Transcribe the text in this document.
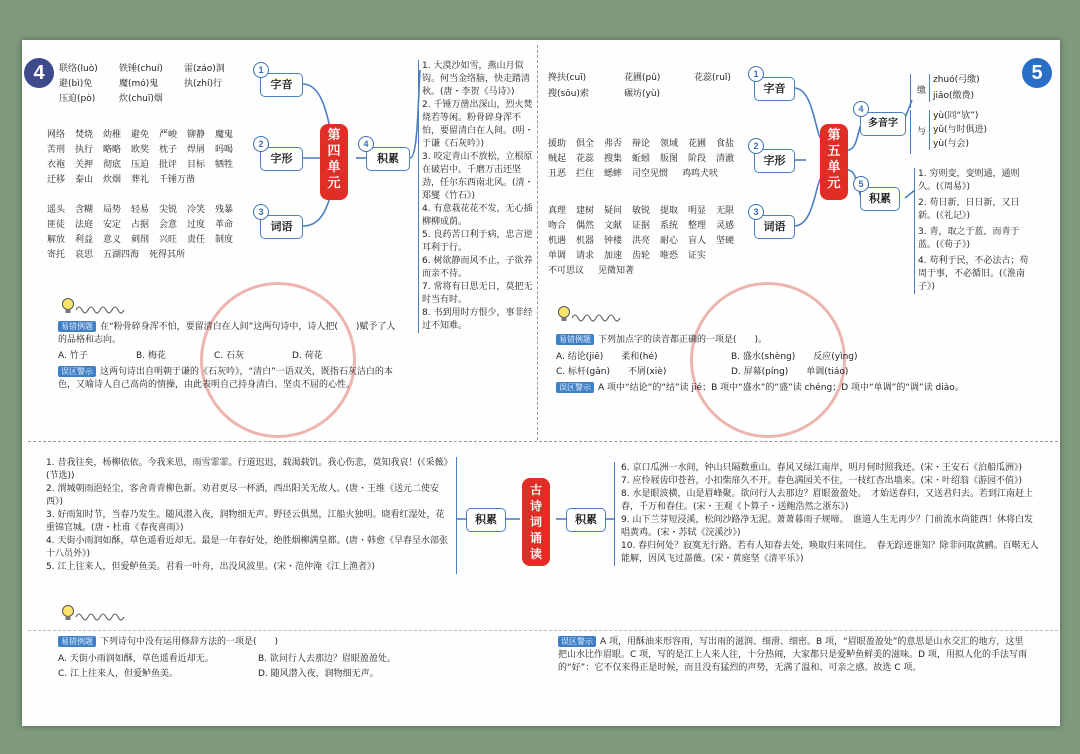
4	5
联络(luò) 铁锤(chuí) 雷(záo)洞
避(bì)免	魔(mó)鬼	执(zhí)行
压迫(pò)	炊(chuī)烟
网络 焚烧 幼稚 避免 严峻 铆静 魔鬼
苦刑 执行 略略 欧奖 枕子 焊屑 吗喝
衣袍 关押 彻底 压迫 批评 目标 牺牲
迁移 泰山 炊烟 葬礼 千锤万凿
遥头 含糊 局势 轻易 尖锐 冷笑 残暴
匪徒 法庭 安定 占据 会意 过度 革命
解放 利益 意义 刺削 兴旺 责任 制度
寄托 哀思 五湖四海 死得其所
字音
1
字形
2
词语
3
第四单元
积累
4
1. 大漠沙如雪，燕山月似钩。何当金络脑，快走踏清秋。(唐・李贺《马诗》)
2. 千锤万凿出深山，烈火焚烧若等闲。粉骨碎身浑不怕，要留清白在人间。(明・于谦《石灰吟》)
3. 咬定青山不放松，立根原在破岩中。千磨万击还坚劲，任尔东西南北风。(清・郑燮《竹石》)
4. 有意栽花花不发，无心插柳柳成荫。
5. 良药苦口利于病，忠言逆耳利于行。
6. 树欲静而风不止，子欲养而亲不待。
7. 常将有日思无日，莫把无时当有时。
8. 书到用时方恨少，事非经过不知难。
易错例题 在“粉骨碎身浑不怕，要留清白在人间”这两句诗中，诗人把(　　)赋予了人的品格和志向。
A. 竹子	B. 梅花	C. 石灰	D. 荷花
误区警示 这两句诗出自明朝于谦的《石灰吟》，“清白”一语双关，既指石灰洁白的本色，又喻诗人自己高尚的情操，由此表明自己持身清白、坚贞不屈的心性。
搀扶(cuī)	花圃(pǔ)	花蕊(ruǐ)
搜(sōu)索	碾坊(yù)
援助 俱全 弗否 辩论 领域 花圃 食盐
贼起 花蕊 搜集 蚯蚓 版图 阶段 清澈
丑恶 拦住 蟋蟀 司空见惯 鸡鸣犬吠
真理 建树 疑问 敏锐 提取 明显 无限
吻合 偶然 文献 证据 系统 整理 灵感
机遇 机器 钟楼 洪亮 耐心 盲人 坚硬
单调 请求 加速 齿轮 唯恐 证实
不可思议 见微知著
字音
1
字形
2
词语
3
第五单元
多音字
4
积累
5
缴
zhuó(弓缴)
jiǎo(缴费)
与
yù(同“欤”)
yǔ(与时俱进)
yù(与会)
1. 穷则变，变则通，通则久。(《周易》)
2. 苟日新，日日新，又日新。(《礼记》)
3. 青，取之于蓝，而青于蓝。(《荀子》)
4. 苟利于民，不必法古；苟周于事，不必循旧。(《淮南子》)
易错例题 下列加点字的读音都正确的一项是(　　)。
A. 结论(jiē)　　柔和(hé)	B. 盛水(shèng)　　反应(yìng)
C. 标杆(gǎn)　　不屑(xiè)	D. 屏幕(píng)　　单调(tiáo)
误区警示 A 项中“结论”的“结”读 jié；B 项中“盛水”的“盛”读 chéng；D 项中“单调”的“调”读 diào。
1. 昔我往矣，杨柳依依。今我来思，雨雪霏霏。行道迟迟，载渴载饥。我心伤悲，莫知我哀！(《采薇》(节选))
2. 渭城朝雨浥轻尘，客舍青青柳色新。劝君更尽一杯酒，西出阳关无故人。(唐・王维《送元二使安西》)
3. 好雨知时节，当春乃发生。随风潜入夜，润物细无声。野径云俱黑，江船火独明。晓看红湿处，花重锦官城。(唐・杜甫《春夜喜雨》)
4. 天街小雨润如酥，草色遥看近却无。最是一年春好处，绝胜烟柳满皇都。(唐・韩愈《早春呈水部张十八员外》)
5. 江上往来人，但爱鲈鱼美。君看一叶舟，出没风波里。(宋・范仲淹《江上渔者》)
积累
古诗词诵读
积累
6. 京口瓜洲一水间，钟山只隔数重山。春风又绿江南岸，明月何时照我还。(宋・王安石《泊船瓜洲》)
7. 应怜屐齿印苍苔，小扣柴扉久不开。春色满园关不住，一枝红杏出墙来。(宋・叶绍翁《游园不值》)
8. 水是眼波横，山是眉峰聚。欲问行人去那边？眉眼盈盈处。　才始送春归，又送君归去。若到江南赶上春，千万和春住。(宋・王观《卜算子・送鲍浩然之浙东》)
9. 山下兰芽短浸溪，松间沙路净无泥。萧萧暮雨子规啼。　谁道人生无再少？门前流水尚能西！休将白发唱黄鸡。(宋・苏轼《浣溪沙》)
10. 春归何处？寂寞无行路。若有人知春去处，唤取归来同住。　春无踪迹谁知？除非问取黄鹂。百啭无人能解，因风飞过蔷薇。(宋・黄庭坚《清平乐》)
易错例题 下列诗句中没有运用修辞方法的一项是(　　)
A. 天街小雨润如酥，草色遥看近却无。	B. 欲问行人去那边？眉眼盈盈处。
C. 江上往来人，但爱鲈鱼美。	D. 随风潜入夜，润物细无声。
误区警示 A 项，用酥油来形容雨，写出雨的滋润、细滑、细密。B 项，“眉眼盈盈处”的意思是山水交汇的地方，这里把山水比作眉眼。C 项，写的是江上人来人往，十分热闹，大家都只是爱鲈鱼鲜美的滋味。D 项，用拟人化的手法写雨的“好”：它不仅来得正是时候，而且没有猛烈的声势，无满了温和、可亲之感。故选 C 项。
